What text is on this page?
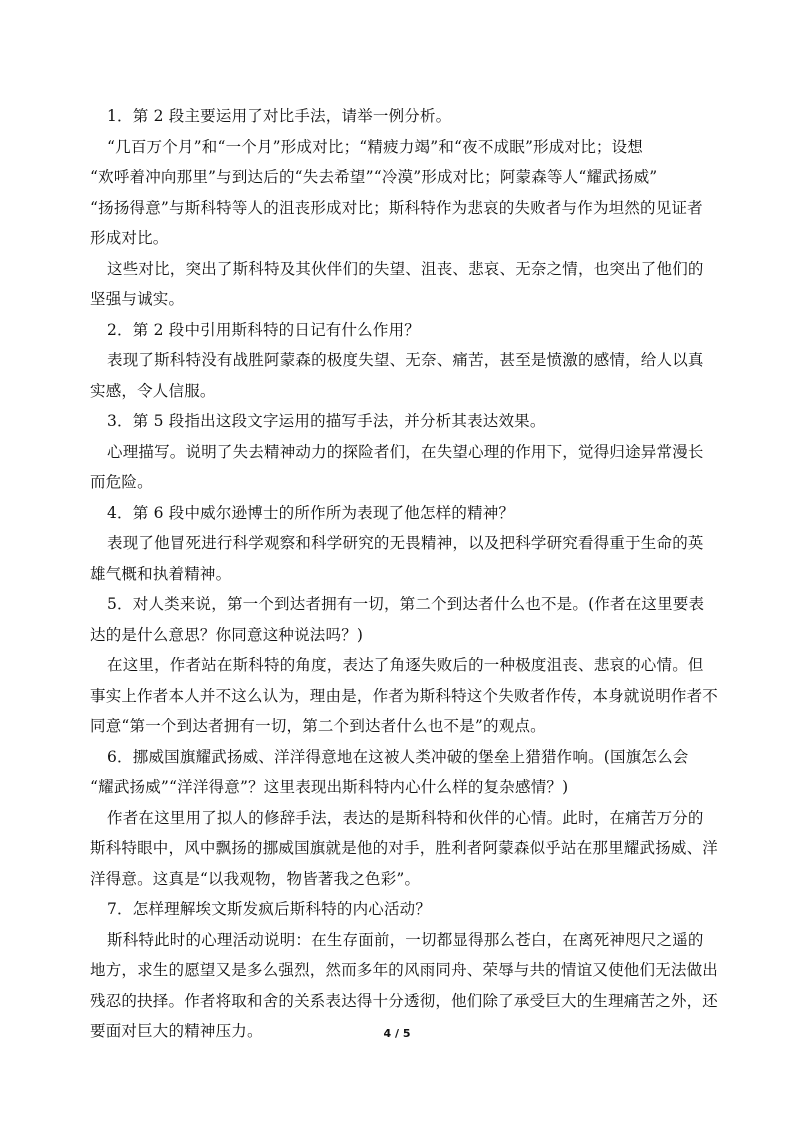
1．第 2 段主要运用了对比手法，请举一例分析。
“几百万个月”和“一个月”形成对比；“精疲力竭”和“夜不成眠”形成对比；设想
“欢呼着冲向那里”与到达后的“失去希望”“冷漠”形成对比；阿蒙森等人“耀武扬威”
“扬扬得意”与斯科特等人的沮丧形成对比；斯科特作为悲哀的失败者与作为坦然的见证者
形成对比。
这些对比，突出了斯科特及其伙伴们的失望、沮丧、悲哀、无奈之情，也突出了他们的
坚强与诚实。
2．第 2 段中引用斯科特的日记有什么作用？
表现了斯科特没有战胜阿蒙森的极度失望、无奈、痛苦，甚至是愤激的感情，给人以真
实感，令人信服。
3．第 5 段指出这段文字运用的描写手法，并分析其表达效果。
心理描写。说明了失去精神动力的探险者们，在失望心理的作用下，觉得归途异常漫长
而危险。
4．第 6 段中威尔逊博士的所作所为表现了他怎样的精神？
表现了他冒死进行科学观察和科学研究的无畏精神，以及把科学研究看得重于生命的英
雄气概和执着精神。
5．对人类来说，第一个到达者拥有一切，第二个到达者什么也不是。(作者在这里要表
达的是什么意思？你同意这种说法吗？)
在这里，作者站在斯科特的角度，表达了角逐失败后的一种极度沮丧、悲哀的心情。但
事实上作者本人并不这么认为，理由是，作者为斯科特这个失败者作传，本身就说明作者不
同意“第一个到达者拥有一切，第二个到达者什么也不是”的观点。
6．挪威国旗耀武扬威、洋洋得意地在这被人类冲破的堡垒上猎猎作响。(国旗怎么会
“耀武扬威”“洋洋得意”？这里表现出斯科特内心什么样的复杂感情？)
作者在这里用了拟人的修辞手法，表达的是斯科特和伙伴的心情。此时，在痛苦万分的
斯科特眼中，风中飘扬的挪威国旗就是他的对手，胜利者阿蒙森似乎站在那里耀武扬威、洋
洋得意。这真是“以我观物，物皆著我之色彩”。
7．怎样理解埃文斯发疯后斯科特的内心活动？
斯科特此时的心理活动说明：在生存面前，一切都显得那么苍白，在离死神咫尺之遥的
地方，求生的愿望又是多么强烈，然而多年的风雨同舟、荣辱与共的情谊又使他们无法做出
残忍的抉择。作者将取和舍的关系表达得十分透彻，他们除了承受巨大的生理痛苦之外，还
要面对巨大的精神压力。	4 / 5
